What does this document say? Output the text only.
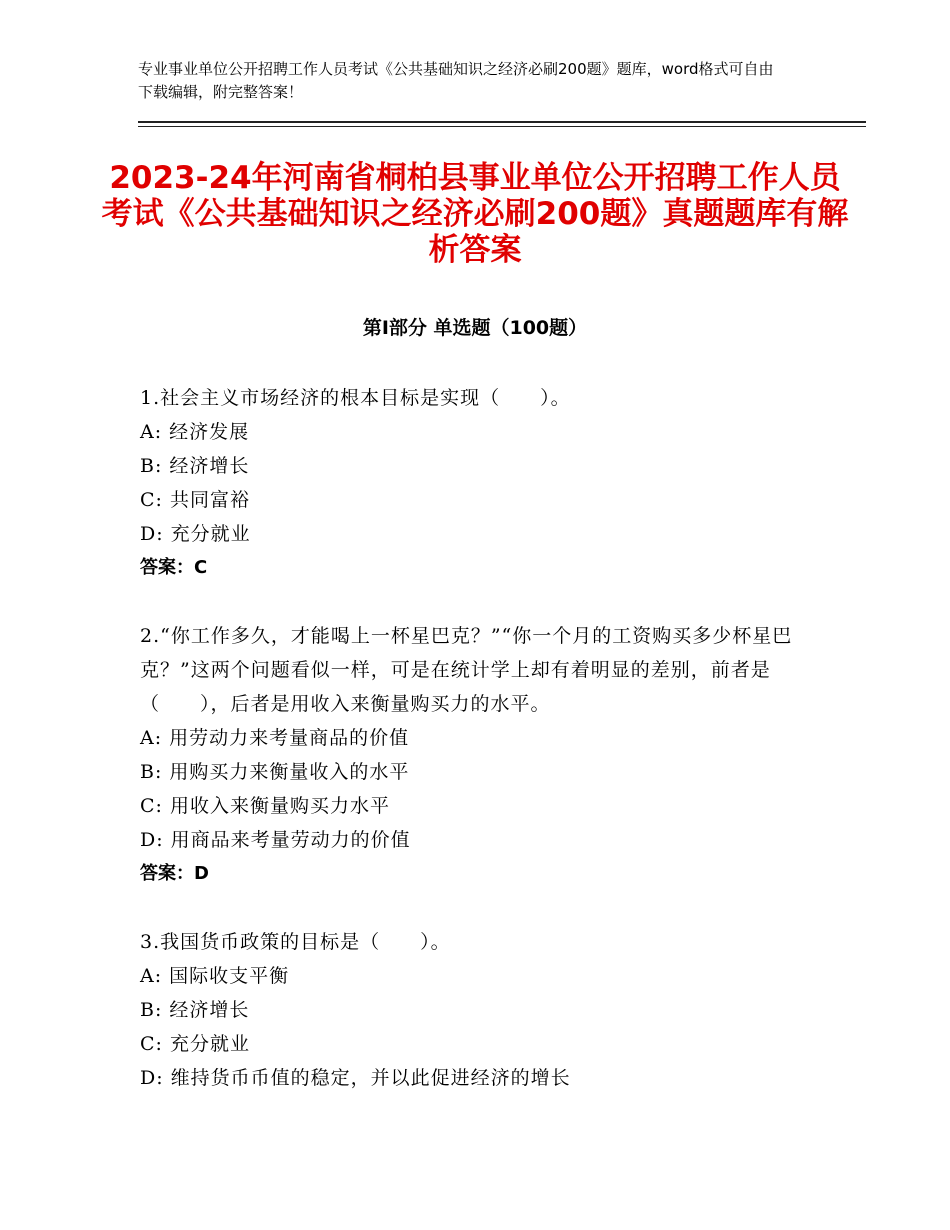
专业事业单位公开招聘工作人员考试《公共基础知识之经济必刷200题》题库，word格式可自由下载编辑，附完整答案！
2023-24年河南省桐柏县事业单位公开招聘工作人员考试《公共基础知识之经济必刷200题》真题题库有解析答案
第Ⅰ部分 单选题（100题）
1.社会主义市场经济的根本目标是实现（　　）。
A: 经济发展
B: 经济增长
C: 共同富裕
D: 充分就业
答案：C
2.“你工作多久，才能喝上一杯星巴克？”“你一个月的工资购买多少杯星巴克？”这两个问题看似一样，可是在统计学上却有着明显的差别，前者是（　　），后者是用收入来衡量购买力的水平。
A: 用劳动力来考量商品的价值
B: 用购买力来衡量收入的水平
C: 用收入来衡量购买力水平
D: 用商品来考量劳动力的价值
答案：D
3.我国货币政策的目标是（　　）。
A: 国际收支平衡
B: 经济增长
C: 充分就业
D: 维持货币币值的稳定，并以此促进经济的增长
